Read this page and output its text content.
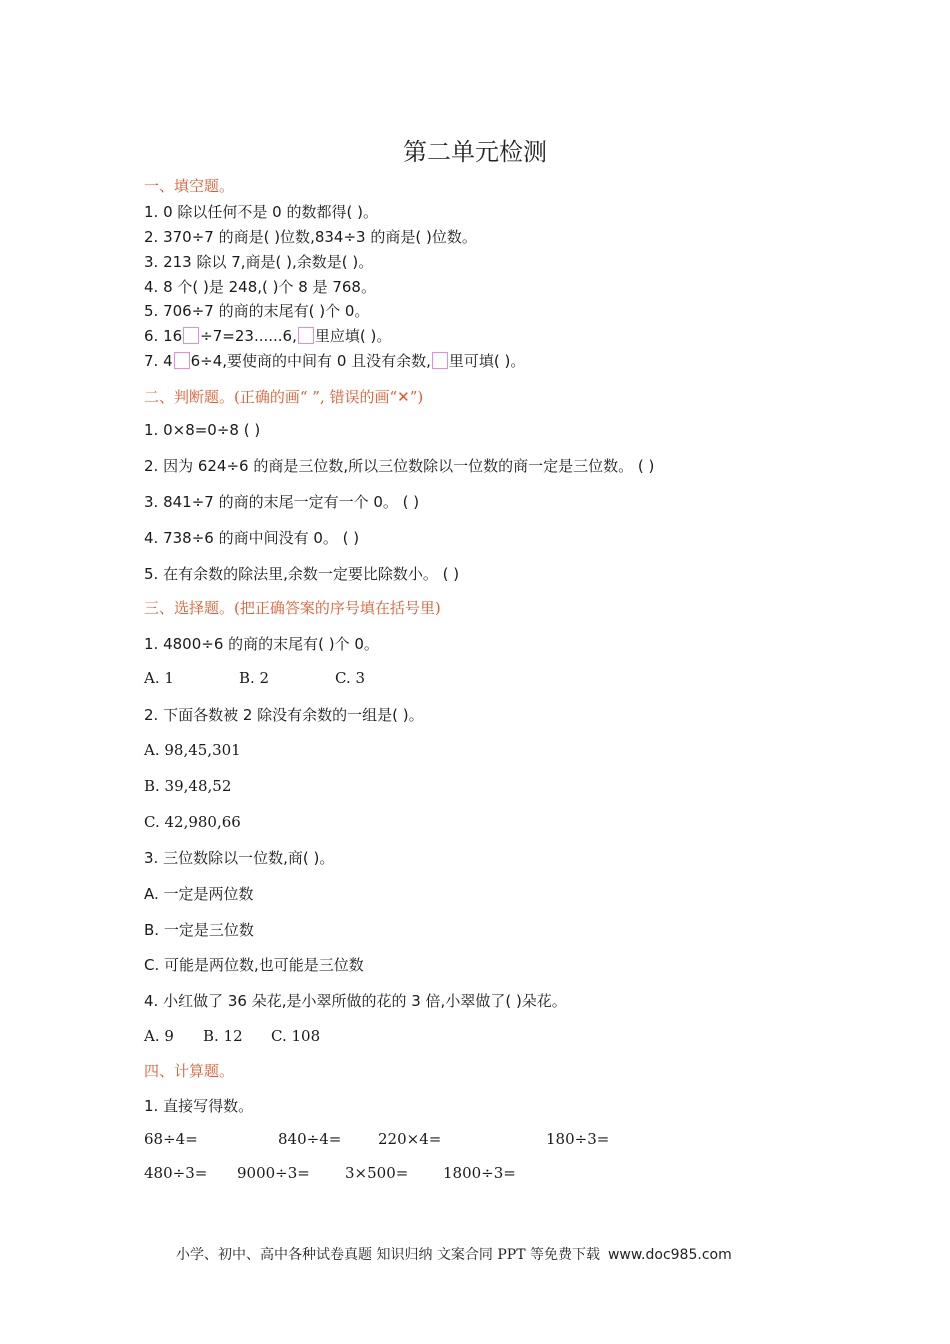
第二单元检测
一、填空题。
1. 0 除以任何不是 0 的数都得( )。
2. 370÷7 的商是( )位数,834÷3 的商是( )位数。
3. 213 除以 7,商是( ),余数是( )。
4. 8 个( )是 248,( )个 8 是 768。
5. 706÷7 的商的末尾有( )个 0。
6. 16 ÷7=23......6, 里应填( )。
7. 4 6÷4,要使商的中间有 0 且没有余数, 里可填( )。
二、判断题。(正确的画“ ”, 错误的画“✕”)
1. 0×8=0÷8 ( )
2. 因为 624÷6 的商是三位数,所以三位数除以一位数的商一定是三位数。 ( )
3. 841÷7 的商的末尾一定有一个 0。 ( )
4. 738÷6 的商中间没有 0。 ( )
5. 在有余数的除法里,余数一定要比除数小。 ( )
三、选择题。(把正确答案的序号填在括号里)
1. 4800÷6 的商的末尾有( )个 0。
A. 1	B. 2	C. 3
2. 下面各数被 2 除没有余数的一组是( )。
A. 98,45,301
B. 39,48,52
C. 42,980,66
3. 三位数除以一位数,商( )。
A. 一定是两位数
B. 一定是三位数
C. 可能是两位数,也可能是三位数
4. 小红做了 36 朵花,是小翠所做的花的 3 倍,小翠做了( )朵花。
A. 9 B. 12 C. 108
四、计算题。
1. 直接写得数。
68÷4=	840÷4= 220×4=	180÷3=
480÷3= 9000÷3= 3×500= 1800÷3=
小学、初中、高中各种试卷真题 知识归纳 文案合同 PPT 等免费下载 www.doc985.com
